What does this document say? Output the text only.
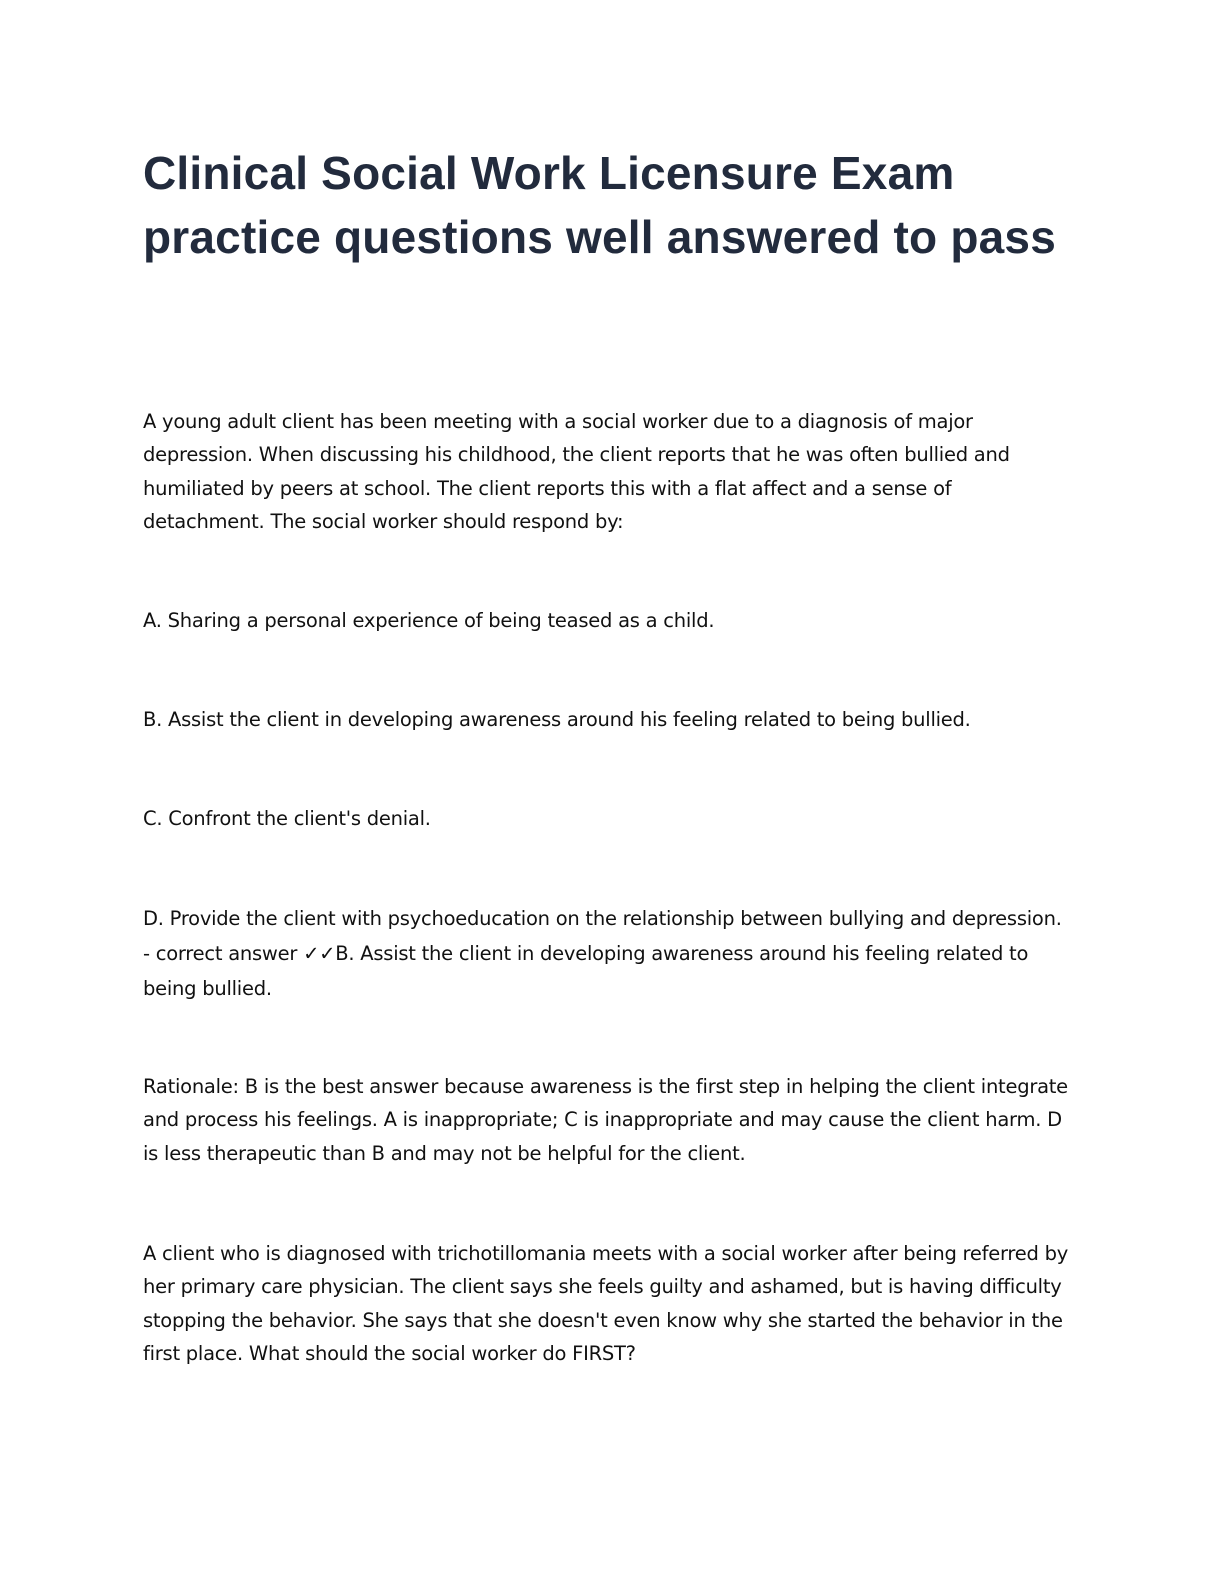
Clinical Social Work Licensure Exam practice questions well answered to pass

A young adult client has been meeting with a social worker due to a diagnosis of major depression. When discussing his childhood, the client reports that he was often bullied and humiliated by peers at school. The client reports this with a flat affect and a sense of detachment. The social worker should respond by:

A. Sharing a personal experience of being teased as a child.

B. Assist the client in developing awareness around his feeling related to being bullied.

C. Confront the client's denial.

D. Provide the client with psychoeducation on the relationship between bullying and depression. - correct answer ✓✓B. Assist the client in developing awareness around his feeling related to being bullied.

Rationale: B is the best answer because awareness is the first step in helping the client integrate and process his feelings. A is inappropriate; C is inappropriate and may cause the client harm. D is less therapeutic than B and may not be helpful for the client.

A client who is diagnosed with trichotillomania meets with a social worker after being referred by her primary care physician. The client says she feels guilty and ashamed, but is having difficulty stopping the behavior. She says that she doesn't even know why she started the behavior in the first place. What should the social worker do FIRST?
